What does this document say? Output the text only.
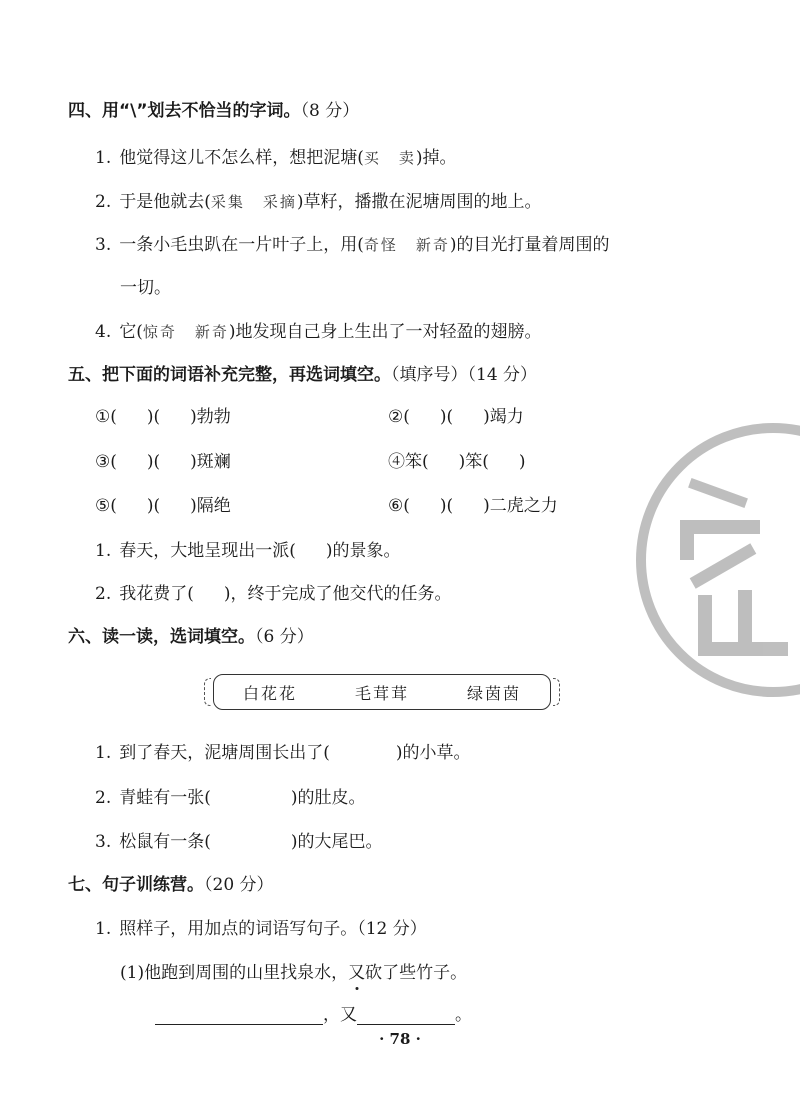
四、用“\”划去不恰当的字词。（8 分）
1. 他觉得这儿不怎么样，想把泥塘(买 卖)掉。
2. 于是他就去(采集 采摘)草籽，播撒在泥塘周围的地上。
3. 一条小毛虫趴在一片叶子上，用(奇怪 新奇)的目光打量着周围的
一切。
4. 它(惊奇 新奇)地发现自己身上生出了一对轻盈的翅膀。
五、把下面的词语补充完整，再选词填空。（填序号）（14 分）
①( )( )勃勃	②( )( )竭力
③( )( )斑斓	④笨( )笨( )
⑤( )( )隔绝	⑥( )( )二虎之力
1. 春天，大地呈现出一派( )的景象。
2. 我花费了( )，终于完成了他交代的任务。
六、读一读，选词填空。（6 分）
白花花	毛茸茸	绿茵茵
1. 到了春天，泥塘周围长出了(	)的小草。
2. 青蛙有一张(	)的肚皮。
3. 松鼠有一条(	)的大尾巴。
七、句子训练营。（20 分）
1. 照样子，用加点的词语写句子。（12 分）
(1)他跑到周围的山里找泉水，又砍了些竹子。
，又	。
· 78 ·
